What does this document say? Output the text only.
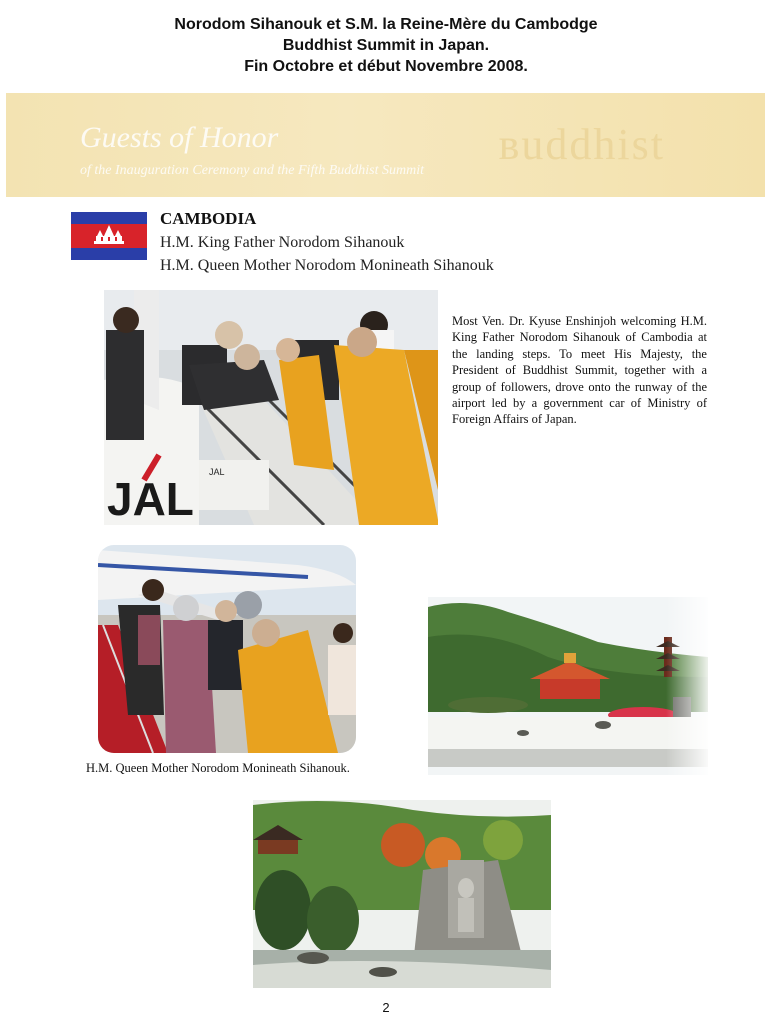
Norodom Sihanouk et S.M. la Reine-Mère du Cambodge
Buddhist Summit in Japan.
Fin Octobre et début Novembre 2008.
ʙuddhist
Guests of Honor
of the Inauguration Ceremony and the Fifth Buddhist Summit
CAMBODIA
H.M. King Father Norodom Sihanouk
H.M. Queen Mother Norodom Monineath Sihanouk
JAL
JAL
Most Ven. Dr. Kyuse Enshinjoh welcoming H.M. King Father Norodom Sihanouk of Cambodia at the landing steps. To meet His Majesty, the President of Buddhist Summit, together with a group of followers, drove onto the runway of the airport led by a government car of Ministry of Foreign Affairs of Japan.
H.M. Queen Mother Norodom Monineath Sihanouk.
2
